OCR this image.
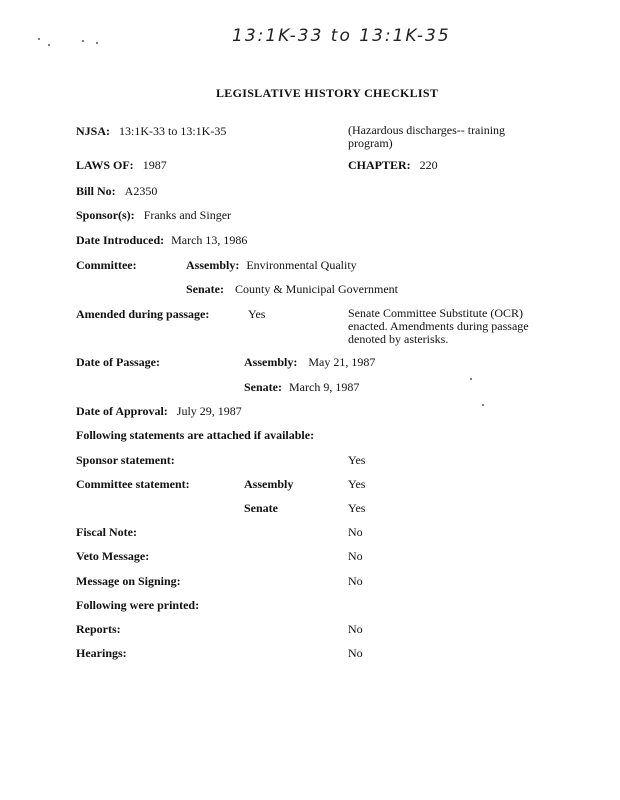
13:1K-33 to 13:1K-35
LEGISLATIVE HISTORY CHECKLIST
NJSA: 13:1K-33 to 13:1K-35	(Hazardous discharges-- training program)
LAWS OF: 1987	CHAPTER: 220
Bill No: A2350
Sponsor(s): Franks and Singer
Date Introduced: March 13, 1986
Committee:	Assembly: Environmental Quality
Senate: County & Municipal Government
Amended during passage:	Yes	Senate Committee Substitute (OCR) enacted. Amendments during passage denoted by asterisks.
Date of Passage:	Assembly: May 21, 1987
Senate: March 9, 1987
Date of Approval: July 29, 1987
Following statements are attached if available:
Sponsor statement:	Yes
Committee statement:	Assembly	Yes
Senate	Yes
Fiscal Note:	No
Veto Message:	No
Message on Signing:	No
Following were printed:
Reports:	No
Hearings:	No
